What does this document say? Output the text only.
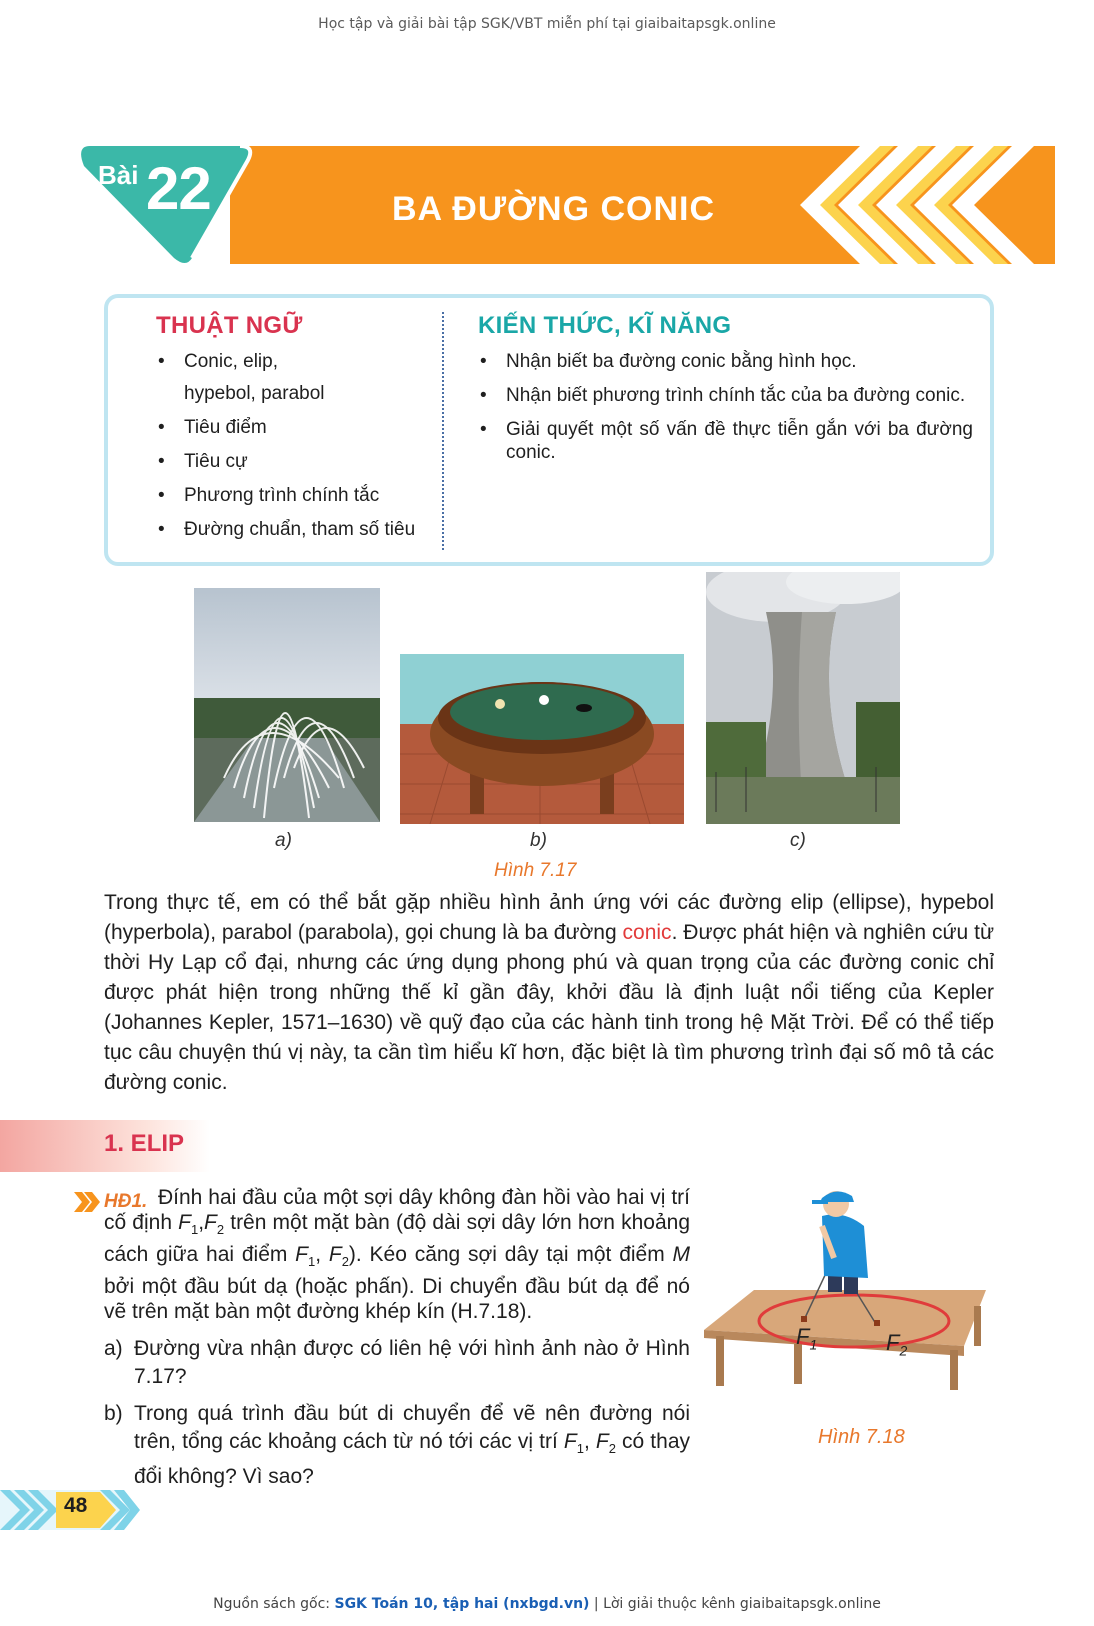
Học tập và giải bài tập SGK/VBT miễn phí tại giaibaitapsgk.online
Bài 22	BA ĐƯỜNG CONIC
THUẬT NGỮ
• Conic, elip,
hypebol, parabol
• Tiêu điểm
• Tiêu cự
• Phương trình chính tắc
• Đường chuẩn, tham số tiêu
KIẾN THỨC, KĨ NĂNG
• Nhận biết ba đường conic bằng hình học.
• Nhận biết phương trình chính tắc của ba đường conic.
• Giải quyết một số vấn đề thực tiễn gắn với ba đường conic.
a)	b)	c)
Hình 7.17
Trong thực tế, em có thể bắt gặp nhiều hình ảnh ứng với các đường elip (ellipse), hypebol (hyperbola), parabol (parabola), gọi chung là ba đường conic. Được phát hiện và nghiên cứu từ thời Hy Lạp cổ đại, nhưng các ứng dụng phong phú và quan trọng của các đường conic chỉ được phát hiện trong những thế kỉ gần đây, khởi đầu là định luật nổi tiếng của Kepler (Johannes Kepler, 1571–1630) về quỹ đạo của các hành tinh trong hệ Mặt Trời. Để có thể tiếp tục câu chuyện thú vị này, ta cần tìm hiểu kĩ hơn, đặc biệt là tìm phương trình đại số mô tả các đường conic.
1. ELIP
Đính hai đầu của một sợi dây không đàn hồi vào hai vị trí cố định $F_1,F_2$ trên một mặt bàn (độ dài sợi dây lớn hơn khoảng cách giữa hai điểm $F_1$, $F_2$). Kéo căng sợi dây tại một điểm M bởi một đầu bút dạ (hoặc phấn). Di chuyển đầu bút dạ để nó vẽ trên mặt bàn một đường khép kín (H.7.18).
HĐ1.
a) Đường vừa nhận được có liên hệ với hình ảnh nào ở Hình 7.17?
b) Trong quá trình đầu bút di chuyển để vẽ nên đường nói trên, tổng các khoảng cách từ nó tới các vị trí $F_1$, $F_2$ có thay đổi không? Vì sao?
$F_1$	$F_2$
Hình 7.18
48
Nguồn sách gốc: SGK Toán 10, tập hai (nxbgd.vn) | Lời giải thuộc kênh giaibaitapsgk.online
